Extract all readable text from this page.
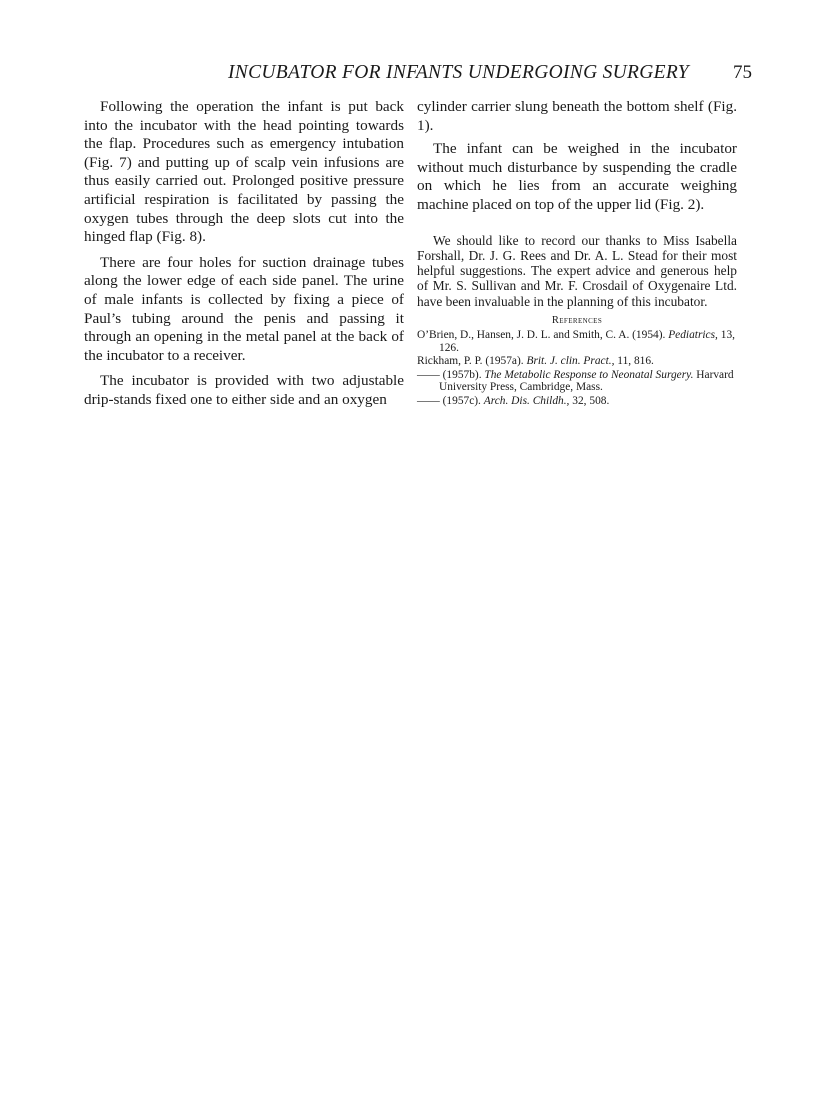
INCUBATOR FOR INFANTS UNDERGOING SURGERY 75

Following the operation the infant is put back into the incubator with the head pointing towards the flap. Procedures such as emergency intubation (Fig. 7) and putting up of scalp vein infusions are thus easily carried out. Prolonged positive pressure artificial respiration is facilitated by passing the oxygen tubes through the deep slots cut into the hinged flap (Fig. 8).

There are four holes for suction drainage tubes along the lower edge of each side panel. The urine of male infants is collected by fixing a piece of Paul’s tubing around the penis and passing it through an opening in the metal panel at the back of the incubator to a receiver.

The incubator is provided with two adjustable drip-stands fixed one to either side and an oxygen

cylinder carrier slung beneath the bottom shelf (Fig. 1).

The infant can be weighed in the incubator without much disturbance by suspending the cradle on which he lies from an accurate weighing machine placed on top of the upper lid (Fig. 2).

We should like to record our thanks to Miss Isabella Forshall, Dr. J. G. Rees and Dr. A. L. Stead for their most helpful suggestions. The expert advice and generous help of Mr. S. Sullivan and Mr. F. Crosdail of Oxygenaire Ltd. have been invaluable in the planning of this incubator.

References
O’Brien, D., Hansen, J. D. L. and Smith, C. A. (1954). Pediatrics, 13, 126.
Rickham, P. P. (1957a). Brit. J. clin. Pract., 11, 816.
—— (1957b). The Metabolic Response to Neonatal Surgery. Harvard University Press, Cambridge, Mass.
—— (1957c). Arch. Dis. Childh., 32, 508.
